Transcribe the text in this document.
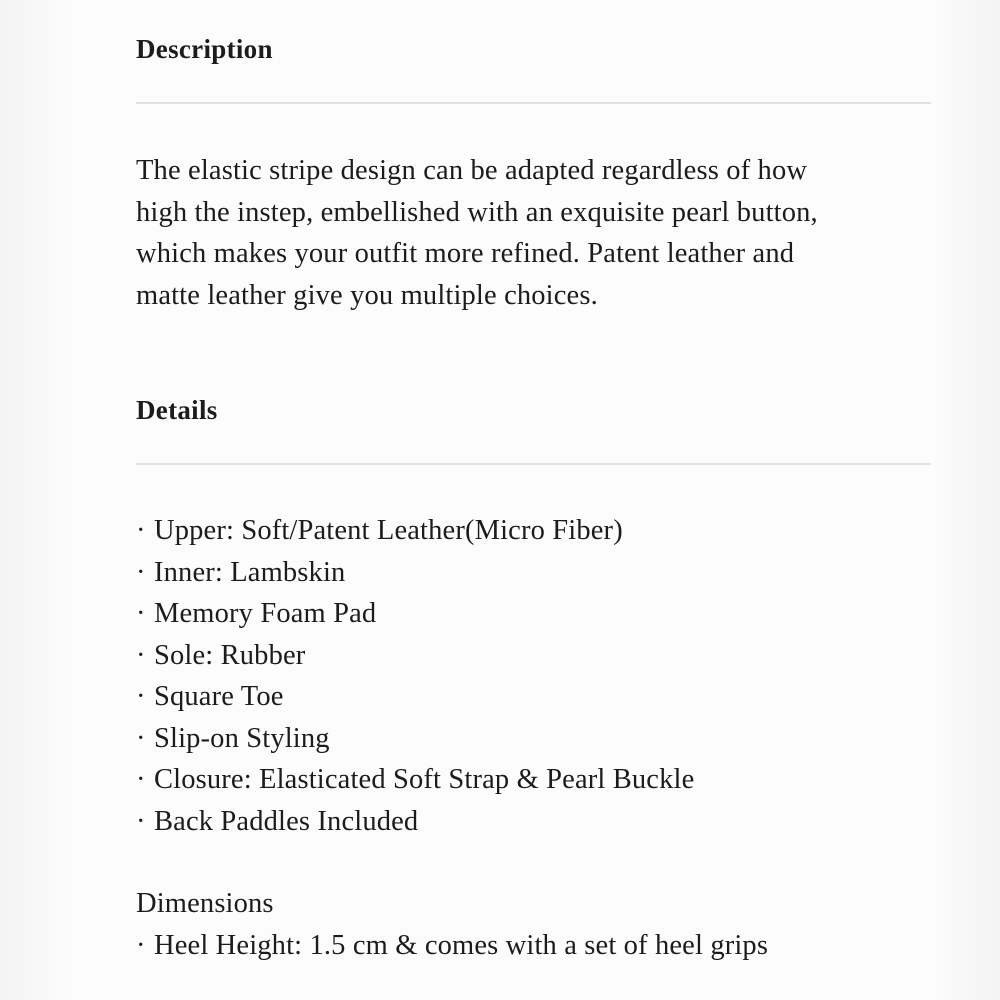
Description

The elastic stripe design can be adapted regardless of how
high the instep, embellished with an exquisite pearl button,
which makes your outfit more refined. Patent leather and
matte leather give you multiple choices.

Details
· Upper: Soft/Patent Leather(Micro Fiber)
· Inner: Lambskin
· Memory Foam Pad
· Sole: Rubber
· Square Toe
· Slip-on Styling
· Closure: Elasticated Soft Strap & Pearl Buckle
· Back Paddles Included
Dimensions
· Heel Height: 1.5 cm & comes with a set of heel grips
